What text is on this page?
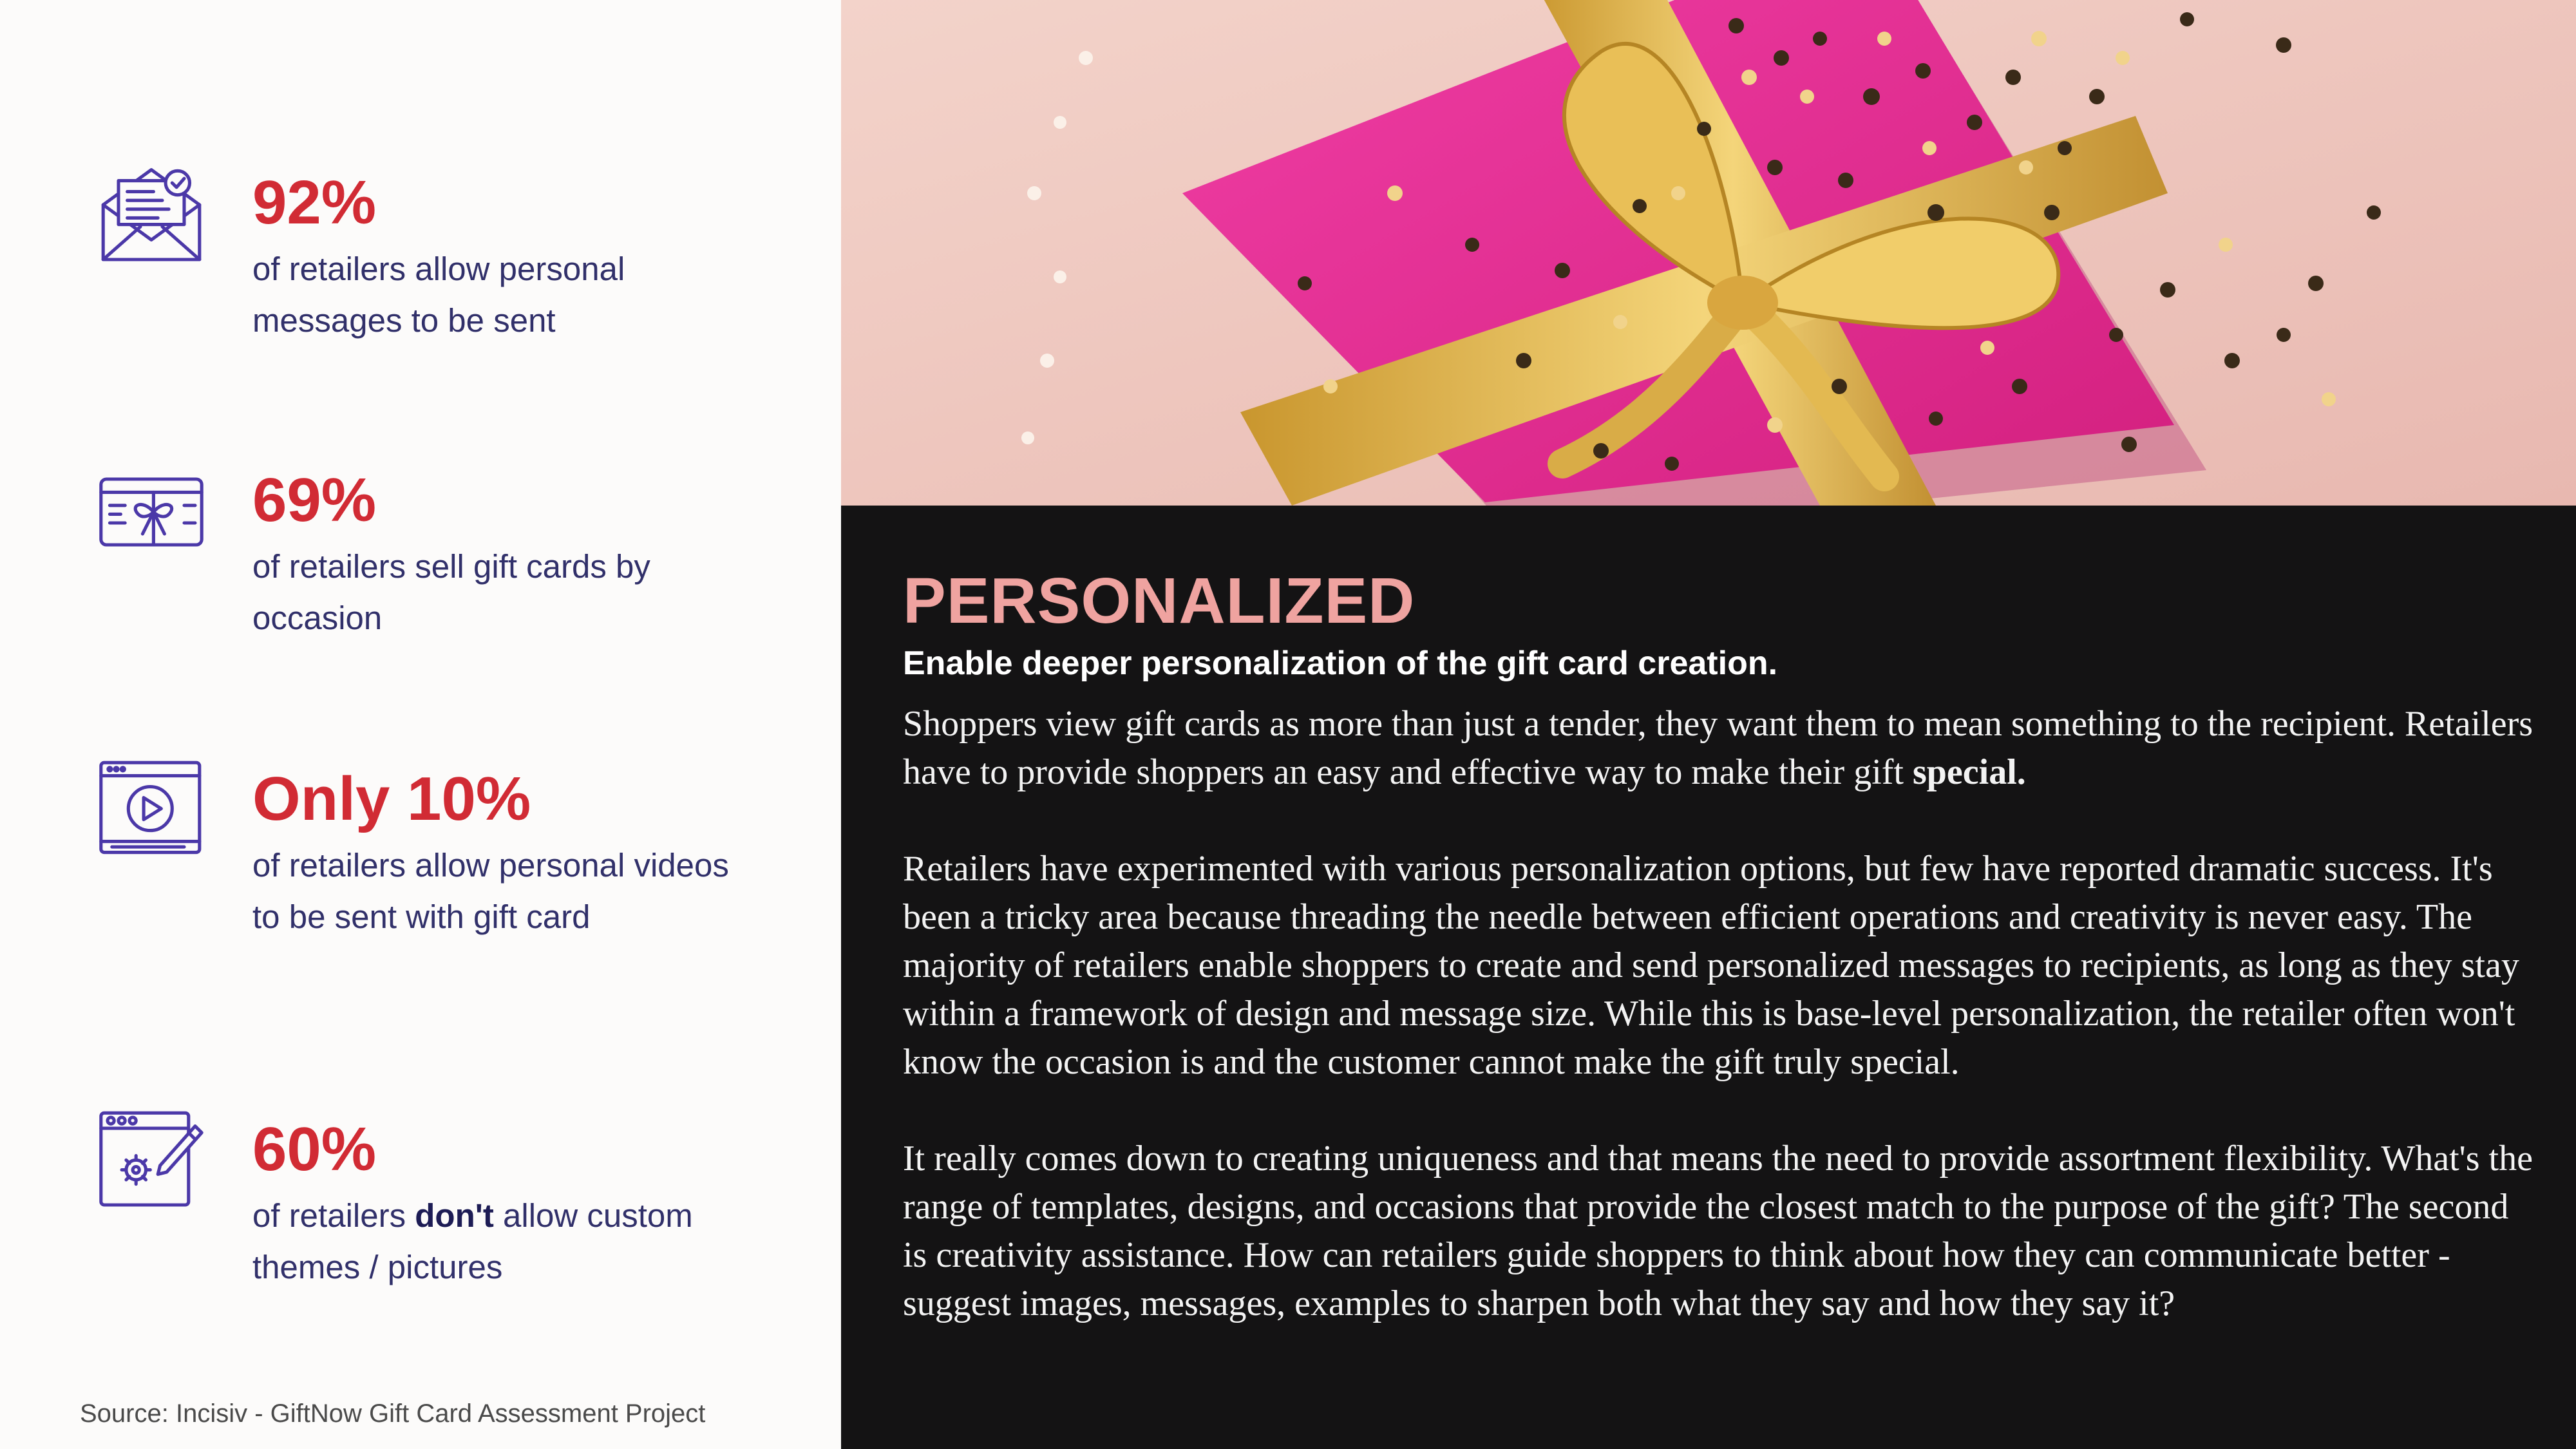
92%
of retailers allow personal
messages to be sent
69%
of retailers sell gift cards by
occasion
Only 10%
of retailers allow personal videos
to be sent with gift card
60%
of retailers don't allow custom
themes / pictures
Source: Incisiv - GiftNow Gift Card Assessment Project
PERSONALIZED
Enable deeper personalization of the gift card creation.

Shoppers view gift cards as more than just a tender, they want them to mean something to the recipient. Retailers have to provide shoppers an easy and effective way to make their gift special.

Retailers have experimented with various personalization options, but few have reported dramatic success. It's been a tricky area because threading the needle between efficient operations and creativity is never easy. The majority of retailers enable shoppers to create and send personalized messages to recipients, as long as they stay within a framework of design and message size. While this is base-level personalization, the retailer often won't know the occasion is and the customer cannot make the gift truly special.

It really comes down to creating uniqueness and that means the need to provide assortment flexibility. What's the range of templates, designs, and occasions that provide the closest match to the purpose of the gift? The second is creativity assistance. How can retailers guide shoppers to think about how they can communicate better - suggest images, messages, examples to sharpen both what they say and how they say it?
